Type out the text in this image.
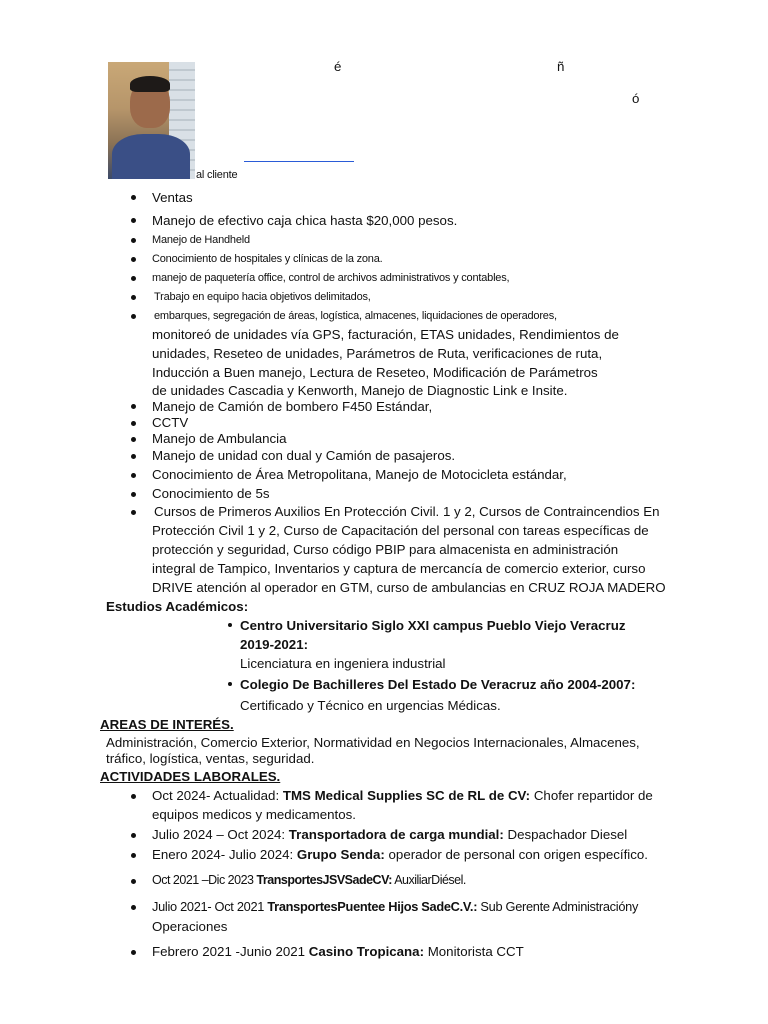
é	ñ
ó
al cliente
Ventas
Manejo de efectivo caja chica hasta $20,000 pesos.
Manejo de Handheld
Conocimiento de hospitales y clínicas de la zona.
manejo de paquetería office, control de archivos administrativos y contables,
Trabajo en equipo hacia objetivos delimitados,
embarques, segregación de áreas, logística, almacenes, liquidaciones de operadores,
monitoreó de unidades vía GPS, facturación, ETAS unidades, Rendimientos de
unidades, Reseteo de unidades, Parámetros de Ruta, verificaciones de ruta,
Inducción a Buen manejo, Lectura de Reseteo, Modificación de Parámetros
de unidades Cascadia y Kenworth, Manejo de Diagnostic Link e Insite.
Manejo de Camión de bombero F450 Estándar,
CCTV
Manejo de Ambulancia
Manejo de unidad con dual y Camión de pasajeros.
Conocimiento de Área Metropolitana, Manejo de Motocicleta estándar,
Conocimiento de 5s
Cursos de Primeros Auxilios En Protección Civil. 1 y 2, Cursos de Contraincendios En
Protección Civil 1 y 2, Curso de Capacitación del personal con tareas específicas de
protección y seguridad, Curso código PBIP para almacenista en administración
integral de Tampico, Inventarios y captura de mercancía de comercio exterior, curso
DRIVE atención al operador en GTM, curso de ambulancias en CRUZ ROJA MADERO
Estudios Académicos:
Centro Universitario Siglo XXI campus Pueblo Viejo Veracruz
2019-2021:
Licenciatura en ingeniera industrial
Colegio De Bachilleres Del Estado De Veracruz año 2004-2007:
Certificado y Técnico en urgencias Médicas.
AREAS DE INTERÉS.
Administración, Comercio Exterior, Normatividad en Negocios Internacionales, Almacenes,
tráfico, logística, ventas, seguridad.
ACTIVIDADES LABORALES.
Oct 2024- Actualidad: TMS Medical Supplies SC de RL de CV: Chofer repartidor de
equipos medicos y medicamentos.
Julio 2024 – Oct 2024: Transportadora de carga mundial: Despachador Diesel
Enero 2024- Julio 2024: Grupo Senda: operador de personal con origen específico.
Oct 2021 –Dic 2023 TransportesJSVSadeCV: AuxiliarDiésel.
Julio 2021- Oct 2021 TransportesPuentee Hijos SadeC.V.: Sub Gerente Administracióny
Operaciones
Febrero 2021 -Junio 2021 Casino Tropicana: Monitorista CCT
